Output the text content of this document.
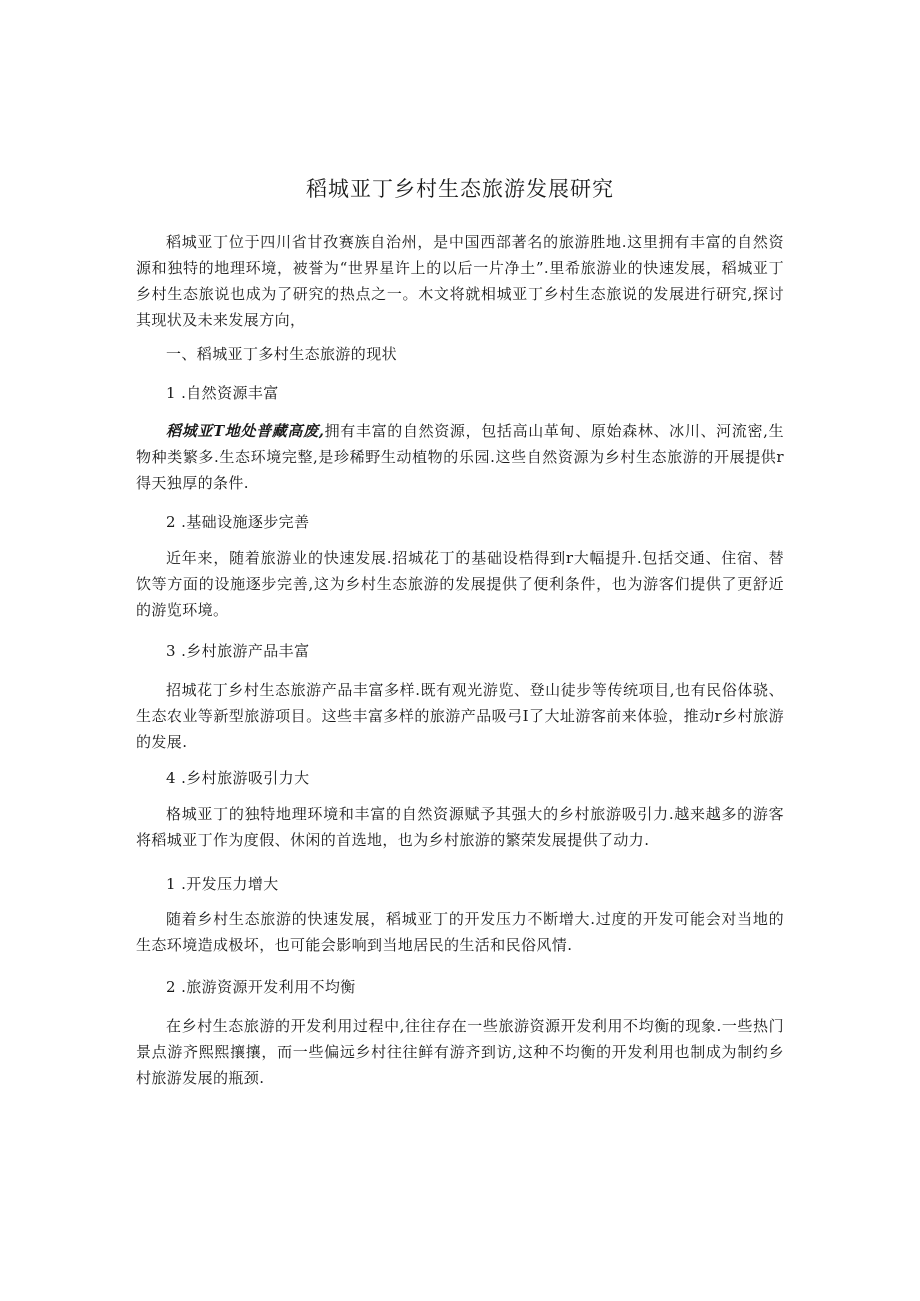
稻城亚丁乡村生态旅游发展研究

稻城亚丁位于四川省甘孜赛族自治州，是中国西部著名的旅游胜地.这里拥有丰富的自然资源和独特的地理环境，被誉为“世界星许上的以后一片净土”.里希旅游业的快速发展，稻城亚丁乡村生态旅说也成为了研究的热点之一。木文将就相城亚丁乡村生态旅说的发展进行研究,探讨其现状及未来发展方向，

一、稻城亚丁多村生态旅游的现状
1 .自然资源丰富

稻城亚T地处普藏高废,拥有丰富的自然资源，包括高山革甸、原始森林、冰川、河流密,生物种类繁多.生态环境完整,是珍稀野生动植物的乐园.这些自然资源为乡村生态旅游的开展提供r得天独厚的条件.

2 .基础设施逐步完善

近年来，随着旅游业的快速发展.招城花丁的基础设梏得到r大幅提升.包括交通、住宿、替饮等方面的设施逐步完善,这为乡村生态旅游的发展提供了便利条件，也为游客们提供了更舒近的游览环境。

3 .乡村旅游产品丰富

招城花丁乡村生态旅游产品丰富多样.既有观光游览、登山徒步等传统项目,也有民俗体骁、生态农业等新型旅游项目。这些丰富多样的旅游产品吸弓I了大址游客前来体验，推动r乡村旅游的发展.

4 .乡村旅游吸引力大

格城亚丁的独特地理环境和丰富的自然资源赋予其强大的乡村旅游吸引力.越来越多的游客将稻城亚丁作为度假、休闲的首选地，也为乡村旅游的繁荣发展提供了动力.

1 .开发压力增大

随着乡村生态旅游的快速发展，稻城亚丁的开发压力不断增大.过度的开发可能会对当地的生态环境造成极坏，也可能会影响到当地居民的生活和民俗风情.

2 .旅游资源开发利用不均衡

在乡村生态旅游的开发利用过程中,往往存在一些旅游资源开发利用不均衡的现象.一些热门景点游齐熙熙攘攘，而一些偏远乡村往往鲜有游齐到访,这种不均衡的开发利用也制成为制约乡村旅游发展的瓶颈.
